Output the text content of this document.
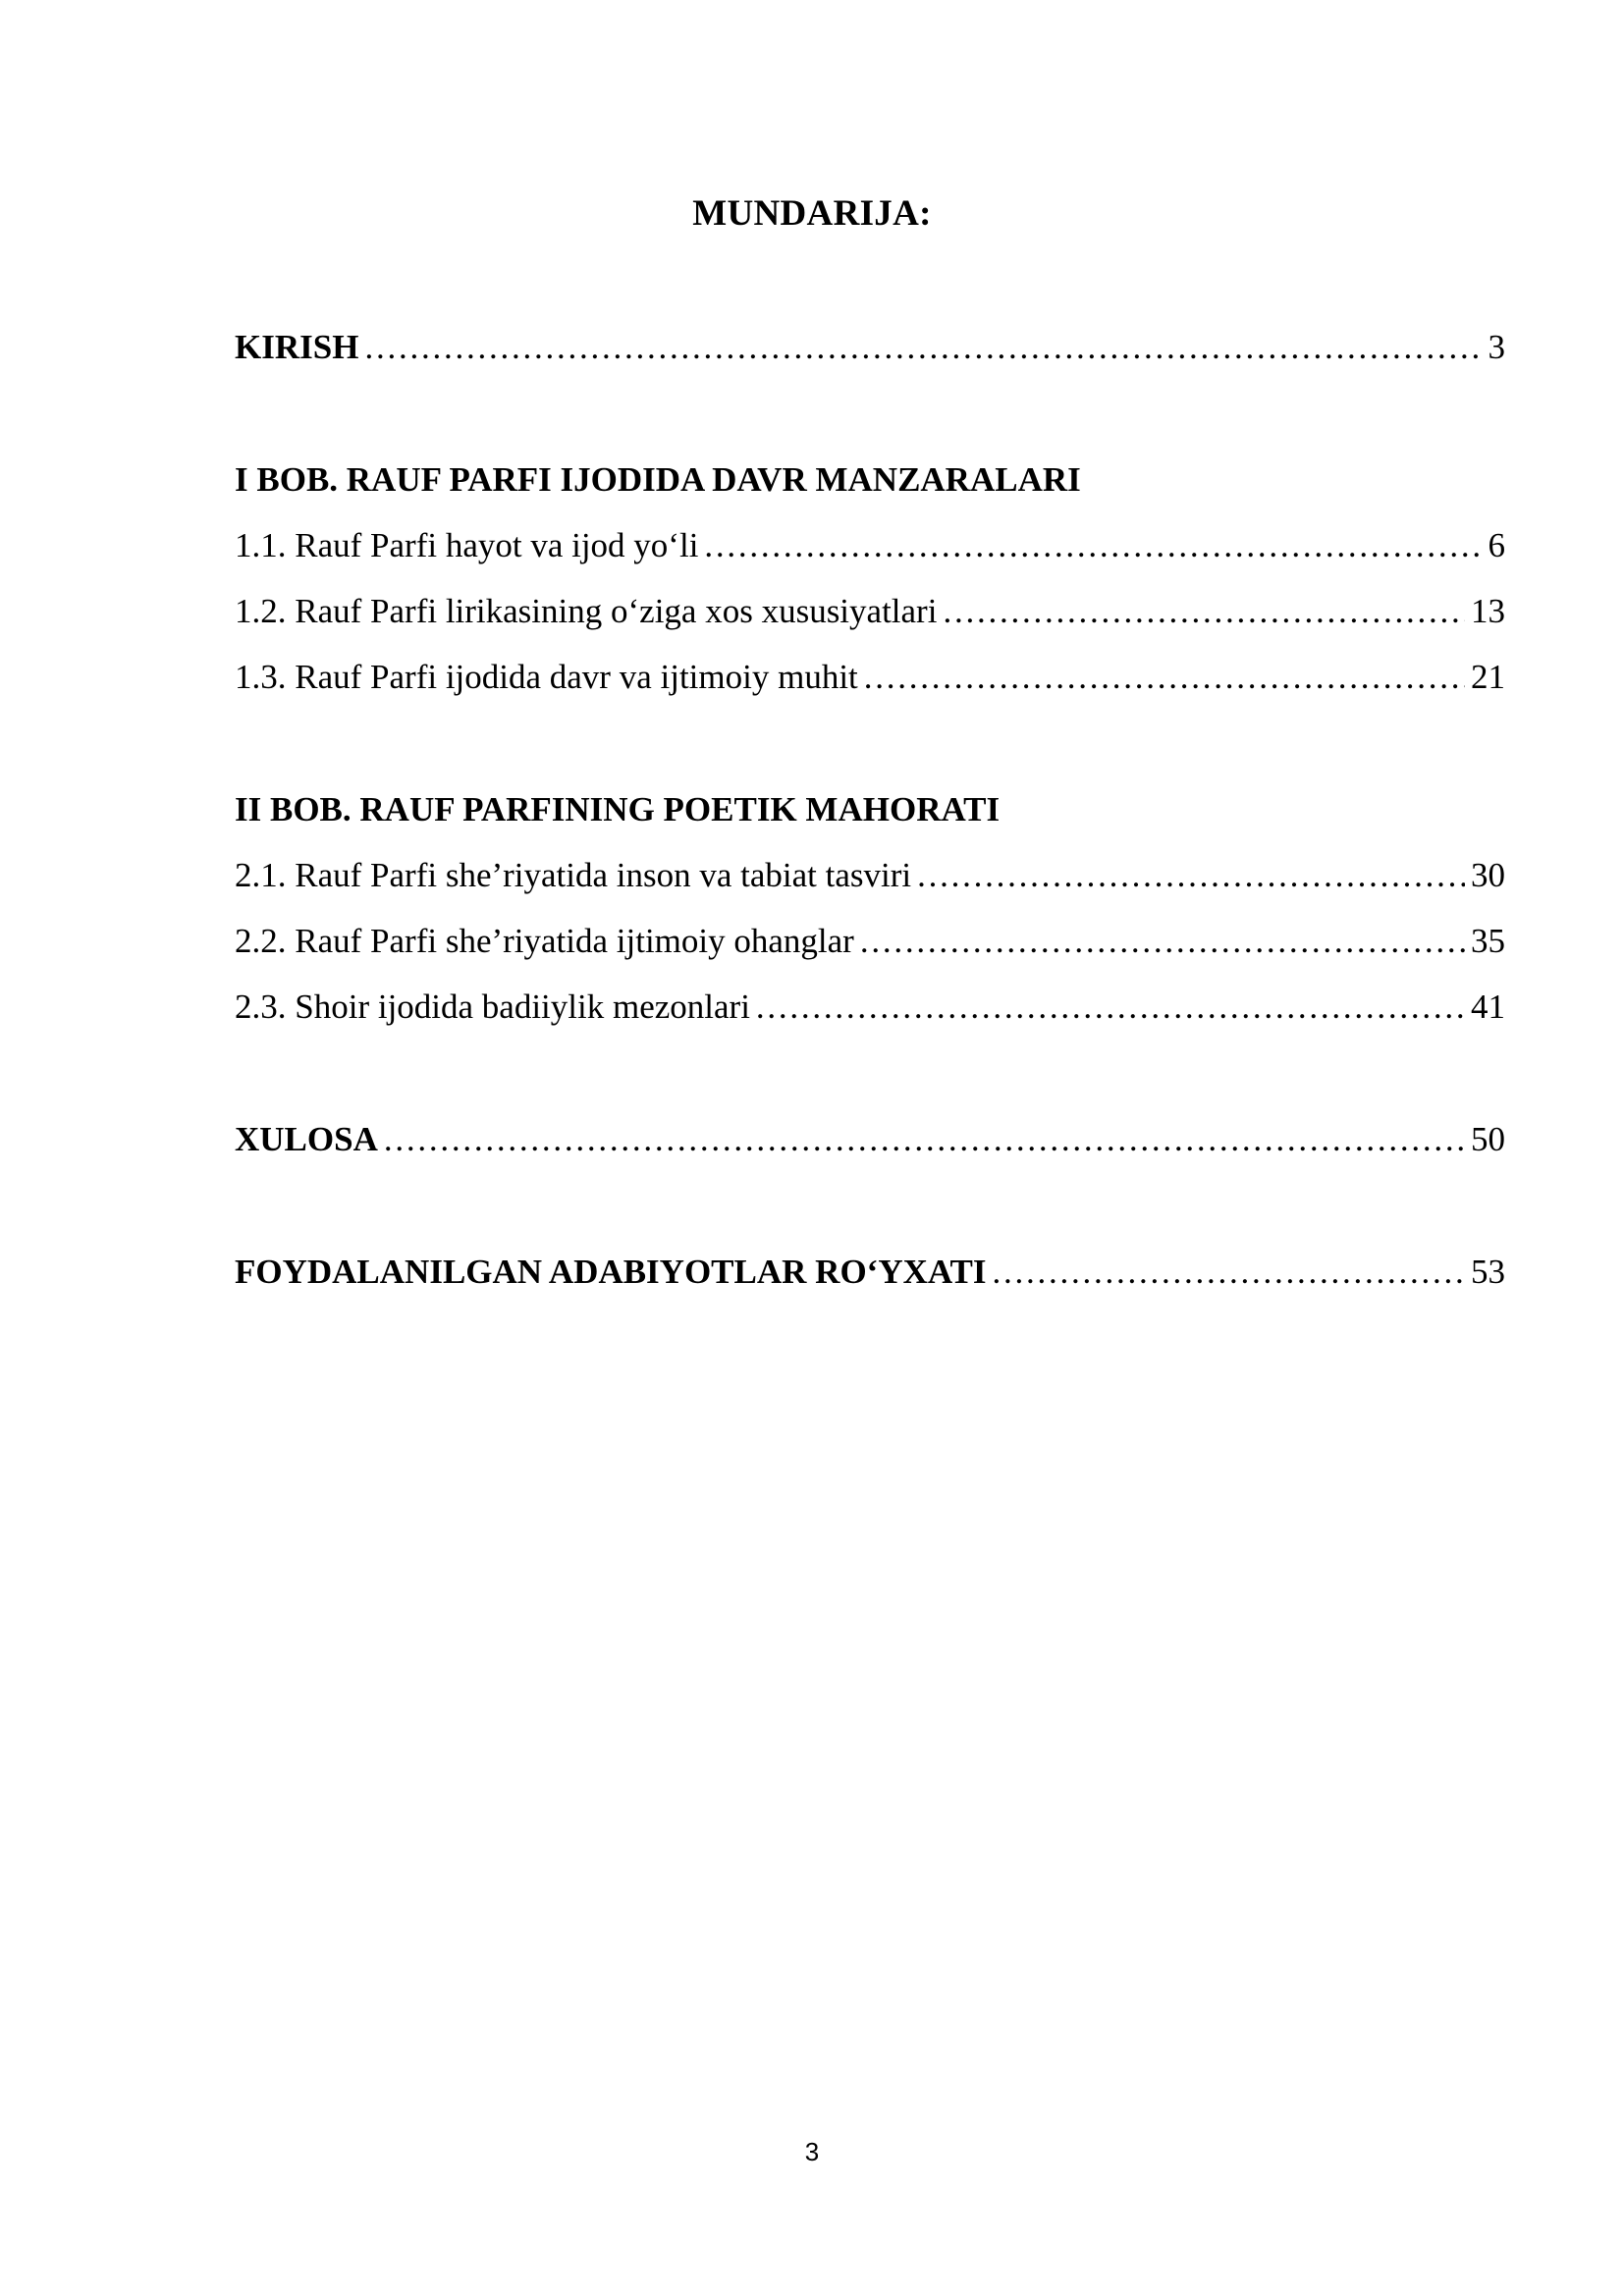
MUNDARIJA:
KIRISH . . .	3
I BOB. RAUF PARFI IJODIDA DAVR MANZARALARI
1.1. Rauf Parfi hayot va ijod yo‘li . . .	6
1.2. Rauf Parfi lirikasining o‘ziga xos xususiyatlari . . .	13
1.3. Rauf Parfi ijodida davr va ijtimoiy muhit . . .	21
II BOB. RAUF PARFINING POETIK MAHORATI
2.1. Rauf Parfi she’riyatida inson va tabiat tasviri . . .	30
2.2. Rauf Parfi she’riyatida ijtimoiy ohanglar . . .	35
2.3. Shoir ijodida badiiylik mezonlari . . .	41
XULOSA . . .	50
FOYDALANILGAN ADABIYOTLAR RO‘YXATI . . .	53
3
